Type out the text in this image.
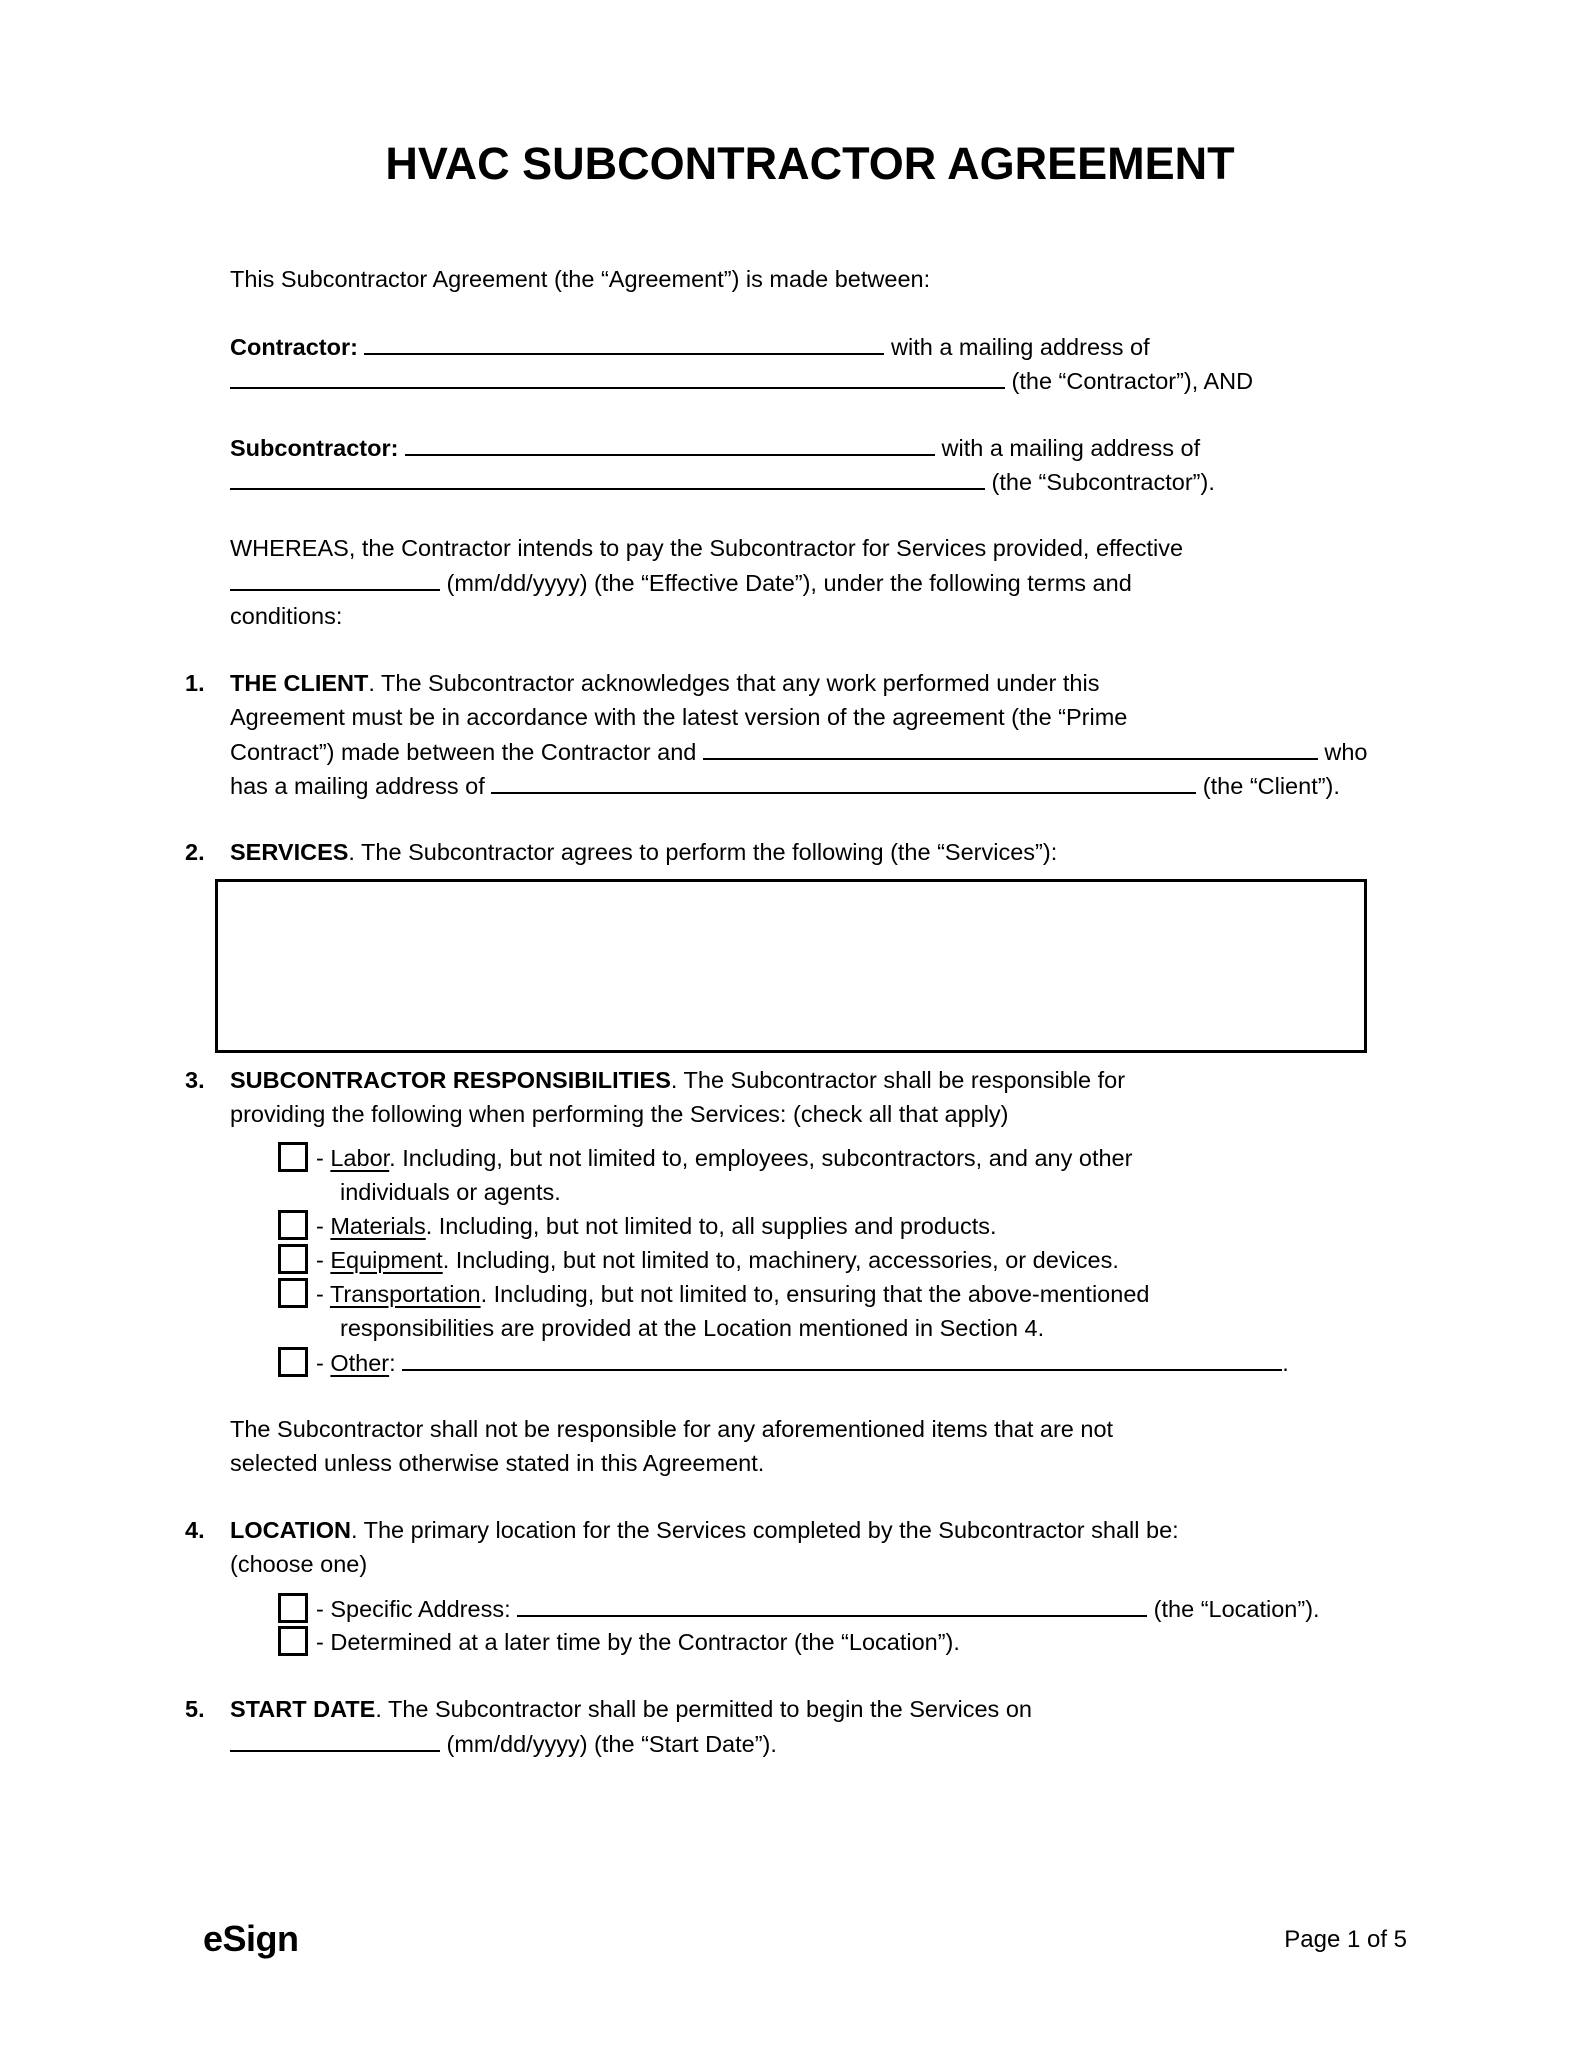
HVAC SUBCONTRACTOR AGREEMENT
This Subcontractor Agreement (the “Agreement”) is made between:
Contractor:	with a mailing address of
(the “Contractor”), AND
Subcontractor:	with a mailing address of
(the “Subcontractor”).
WHEREAS, the Contractor intends to pay the Subcontractor for Services provided, effective
(mm/dd/yyyy) (the “Effective Date”), under the following terms and
conditions:
1. THE CLIENT. The Subcontractor acknowledges that any work performed under this
Agreement must be in accordance with the latest version of the agreement (the “Prime
Contract”) made between the Contractor and	who
has a mailing address of	(the “Client”).
2. SERVICES. The Subcontractor agrees to perform the following (the “Services”):
3. SUBCONTRACTOR RESPONSIBILITIES. The Subcontractor shall be responsible for
providing the following when performing the Services: (check all that apply)
- Labor. Including, but not limited to, employees, subcontractors, and any other
individuals or agents.
- Materials. Including, but not limited to, all supplies and products.
- Equipment. Including, but not limited to, machinery, accessories, or devices.
- Transportation. Including, but not limited to, ensuring that the above-mentioned
responsibilities are provided at the Location mentioned in Section 4.
- Other:	.
The Subcontractor shall not be responsible for any aforementioned items that are not
selected unless otherwise stated in this Agreement.
4. LOCATION. The primary location for the Services completed by the Subcontractor shall be:
(choose one)
- Specific Address:	(the “Location”).
- Determined at a later time by the Contractor (the “Location”).
5. START DATE. The Subcontractor shall be permitted to begin the Services on
(mm/dd/yyyy) (the “Start Date”).
eSign	Page 1 of 5
